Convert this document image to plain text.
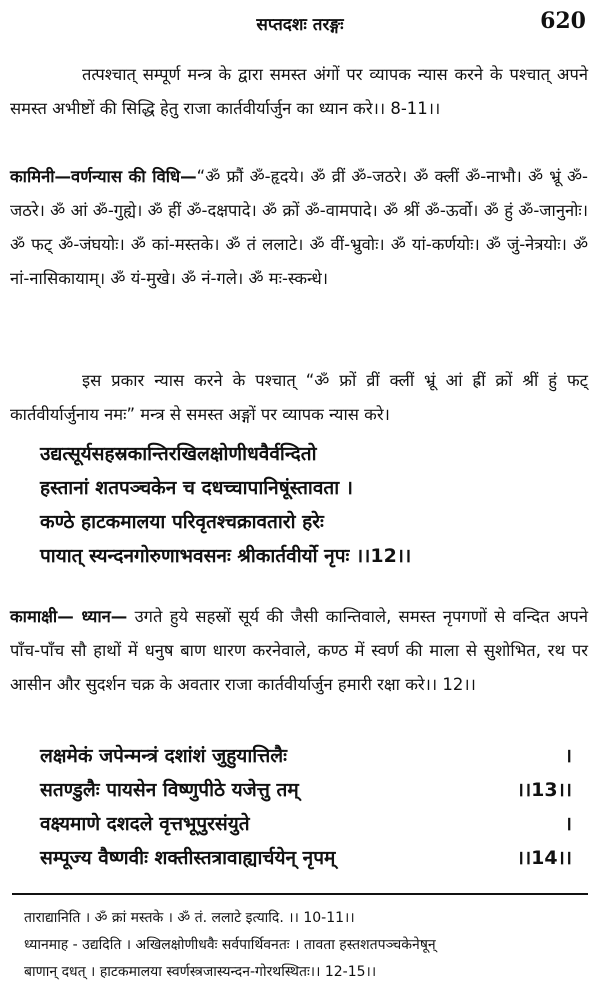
सप्तदशः तरङ्गः	620

तत्पश्चात् सम्पूर्ण मन्त्र के द्वारा समस्त अंगों पर व्यापक न्यास करने के पश्चात् अपने समस्त अभीष्टों की सिद्धि हेतु राजा कार्तवीर्यार्जुन का ध्यान करे।। 8-11।।

कामिनी—वर्णन्यास की विधि—“ॐ फ्रौं ॐ-हृदये। ॐ व्रीं ॐ-जठरे। ॐ क्लीं ॐ-नाभौ। ॐ भ्रूं ॐ-जठरे। ॐ आं ॐ-गुह्ये। ॐ हीं ॐ-दक्षपादे। ॐ क्रों ॐ-वामपादे। ॐ श्रीं ॐ-ऊर्वो। ॐ हुं ॐ-जानुनोः। ॐ फट् ॐ-जंघयोः। ॐ कां-मस्तके। ॐ तं ललाटे। ॐ वीं-भ्रुवोः। ॐ यां-कर्णयोः। ॐ जुं-नेत्रयोः। ॐ नां-नासिकायाम्। ॐ यं-मुखे। ॐ नं-गले। ॐ मः-स्कन्धे।

इस प्रकार न्यास करने के पश्चात् “ॐ फ्रों व्रीं क्लीं भ्रूं आं ह्रीं क्रों श्रीं हुं फट् कार्तवीर्यार्जुनाय नमः” मन्त्र से समस्त अङ्गों पर व्यापक न्यास करे।

उद्यत्सूर्यसहस्रकान्तिरखिलक्षोणीधवैर्वन्दितो
हस्तानां शतपञ्चकेन च दधच्चापानिषूंस्तावता ।
कण्ठे हाटकमालया परिवृतश्चक्रावतारो हरेः
पायात् स्यन्दनगोरुणाभवसनः श्रीकार्तवीर्यो नृपः ।।12।।

कामाक्षी— ध्यान— उगते हुये सहस्रों सूर्य की जैसी कान्तिवाले, समस्त नृपगणों से वन्दित अपने पाँच-पाँच सौ हाथों में धनुष बाण धारण करनेवाले, कण्ठ में स्वर्ण की माला से सुशोभित, रथ पर आसीन और सुदर्शन चक्र के अवतार राजा कार्तवीर्यार्जुन हमारी रक्षा करे।। 12।।

लक्षमेकं जपेन्मन्त्रं दशांशं जुहुयात्तिलैः	।
सतण्डुलैः पायसेन विष्णुपीठे यजेत्तु तम्	।।13।।
वक्ष्यमाणे दशदले वृत्तभूपुरसंयुते	।
सम्पूज्य वैष्णवीः शक्तीस्तत्रावाह्यार्चयेन् नृपम्	।।14।।
ताराद्यानिति । ॐ क्रां मस्तके । ॐ तं. ललाटे इत्यादि. ।। 10-11।।
ध्यानमाह - उद्यदिति । अखिलक्षोणीधवैः सर्वपार्थिवनतः । तावता हस्तशतपञ्चकेनेषून्
बाणान् दधत् । हाटकमालया स्वर्णस्त्रजास्यन्दन-गोरथस्थितः।। 12-15।।
